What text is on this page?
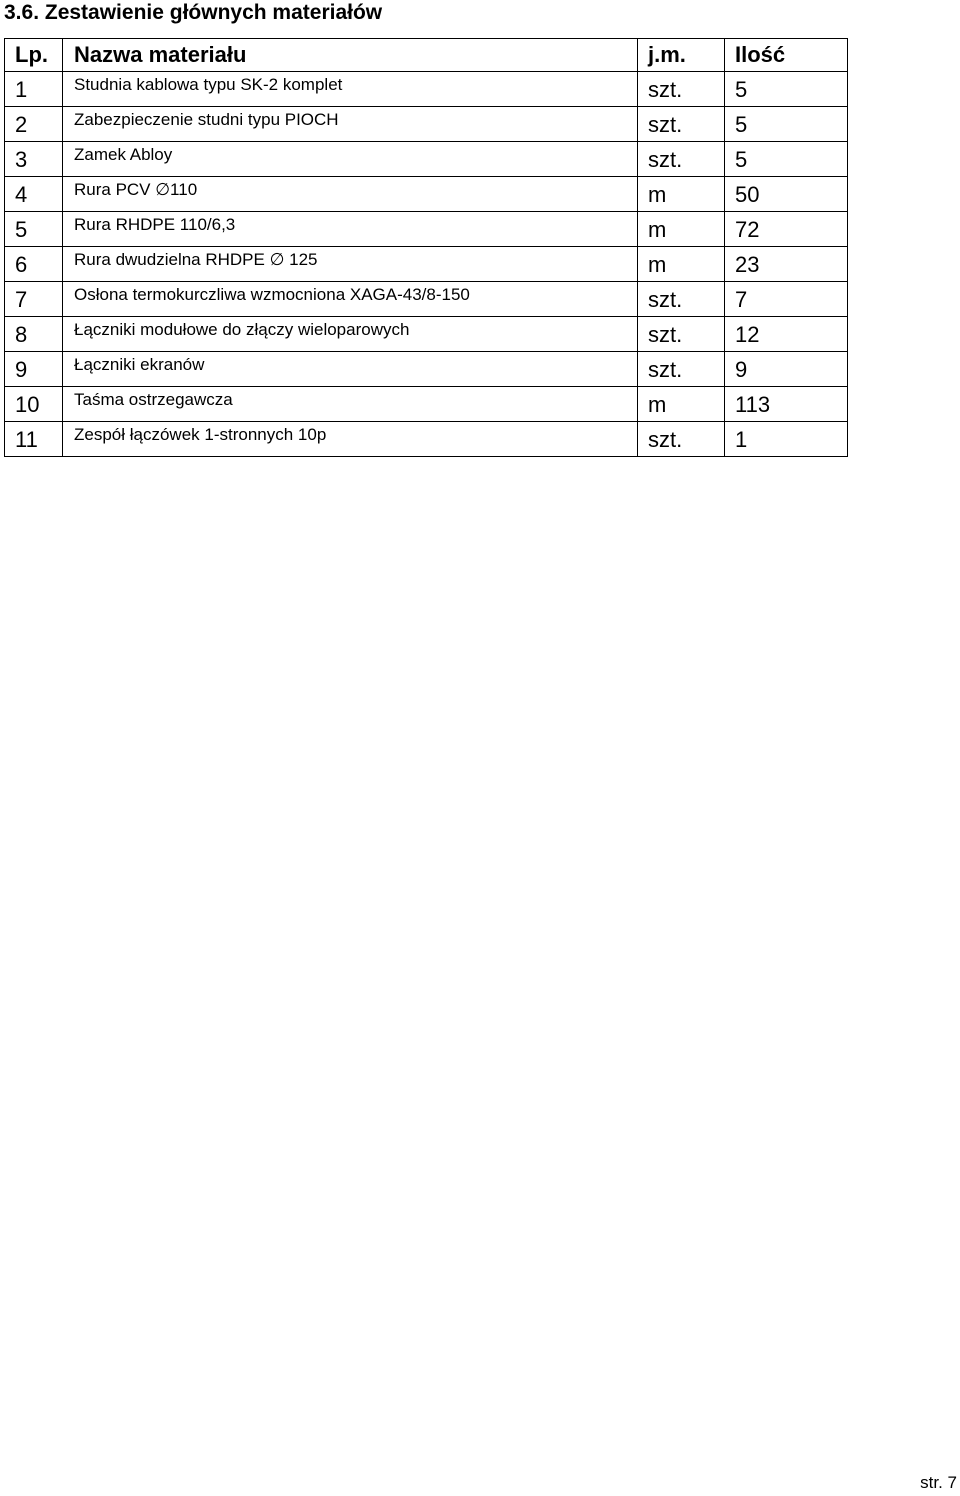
3.6. Zestawienie głównych materiałów
Lp.	Nazwa materiału	j.m.	Ilość
1	Studnia kablowa typu SK-2 komplet	szt.	5
2	Zabezpieczenie studni typu PIOCH	szt.	5
3	Zamek Abloy	szt.	5
4	Rura PCV ∅110	m	50
5	Rura RHDPE 110/6,3	m	72
6	Rura dwudzielna RHDPE ∅ 125	m	23
7	Osłona termokurczliwa wzmocniona XAGA-43/8-150	szt.	7
8	Łączniki modułowe do złączy wieloparowych	szt.	12
9	Łączniki ekranów	szt.	9
10	Taśma ostrzegawcza	m	113
11	Zespół łączówek 1-stronnych 10p	szt.	1
str. 7
